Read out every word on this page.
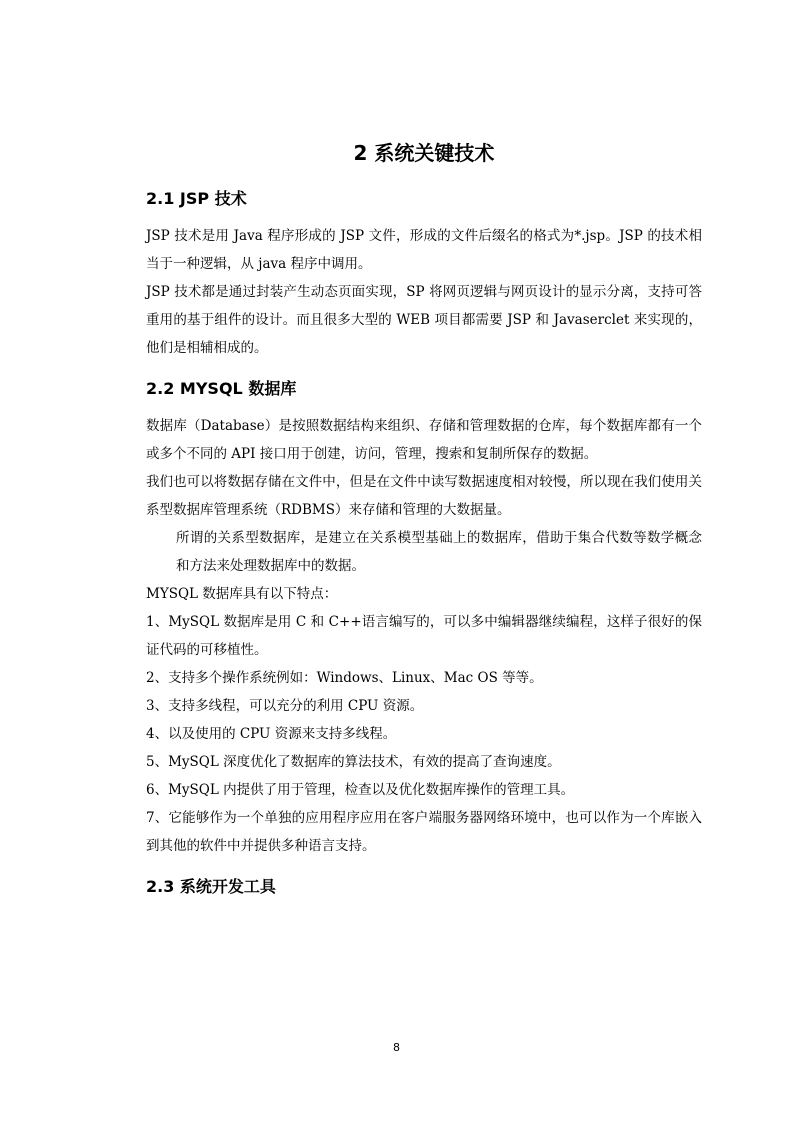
2 系统关键技术
2.1 JSP 技术

JSP 技术是用 Java 程序形成的 JSP 文件，形成的文件后缀名的格式为*.jsp。JSP 的技术相当于一种逻辑，从 java 程序中调用。

JSP 技术都是通过封装产生动态页面实现，SP 将网页逻辑与网页设计的显示分离，支持可答重用的基于组件的设计。而且很多大型的 WEB 项目都需要 JSP 和 Javaserclet 来实现的，他们是相辅相成的。

2.2 MYSQL 数据库

数据库（Database）是按照数据结构来组织、存储和管理数据的仓库，每个数据库都有一个或多个不同的 API 接口用于创建，访问，管理，搜索和复制所保存的数据。

我们也可以将数据存储在文件中，但是在文件中读写数据速度相对较慢，所以现在我们使用关系型数据库管理系统（RDBMS）来存储和管理的大数据量。

所谓的关系型数据库，是建立在关系模型基础上的数据库，借助于集合代数等数学概念和方法来处理数据库中的数据。

MYSQL 数据库具有以下特点：

1、MySQL 数据库是用 C 和 C++语言编写的，可以多中编辑器继续编程，这样子很好的保证代码的可移植性。

2、支持多个操作系统例如：Windows、Linux、Mac OS 等等。

3、支持多线程，可以充分的利用 CPU 资源。

4、以及使用的 CPU 资源来支持多线程。

5、MySQL 深度优化了数据库的算法技术，有效的提高了查询速度。

6、MySQL 内提供了用于管理，检查以及优化数据库操作的管理工具。

7、它能够作为一个单独的应用程序应用在客户端服务器网络环境中，也可以作为一个库嵌入到其他的软件中并提供多种语言支持。

2.3 系统开发工具
8
